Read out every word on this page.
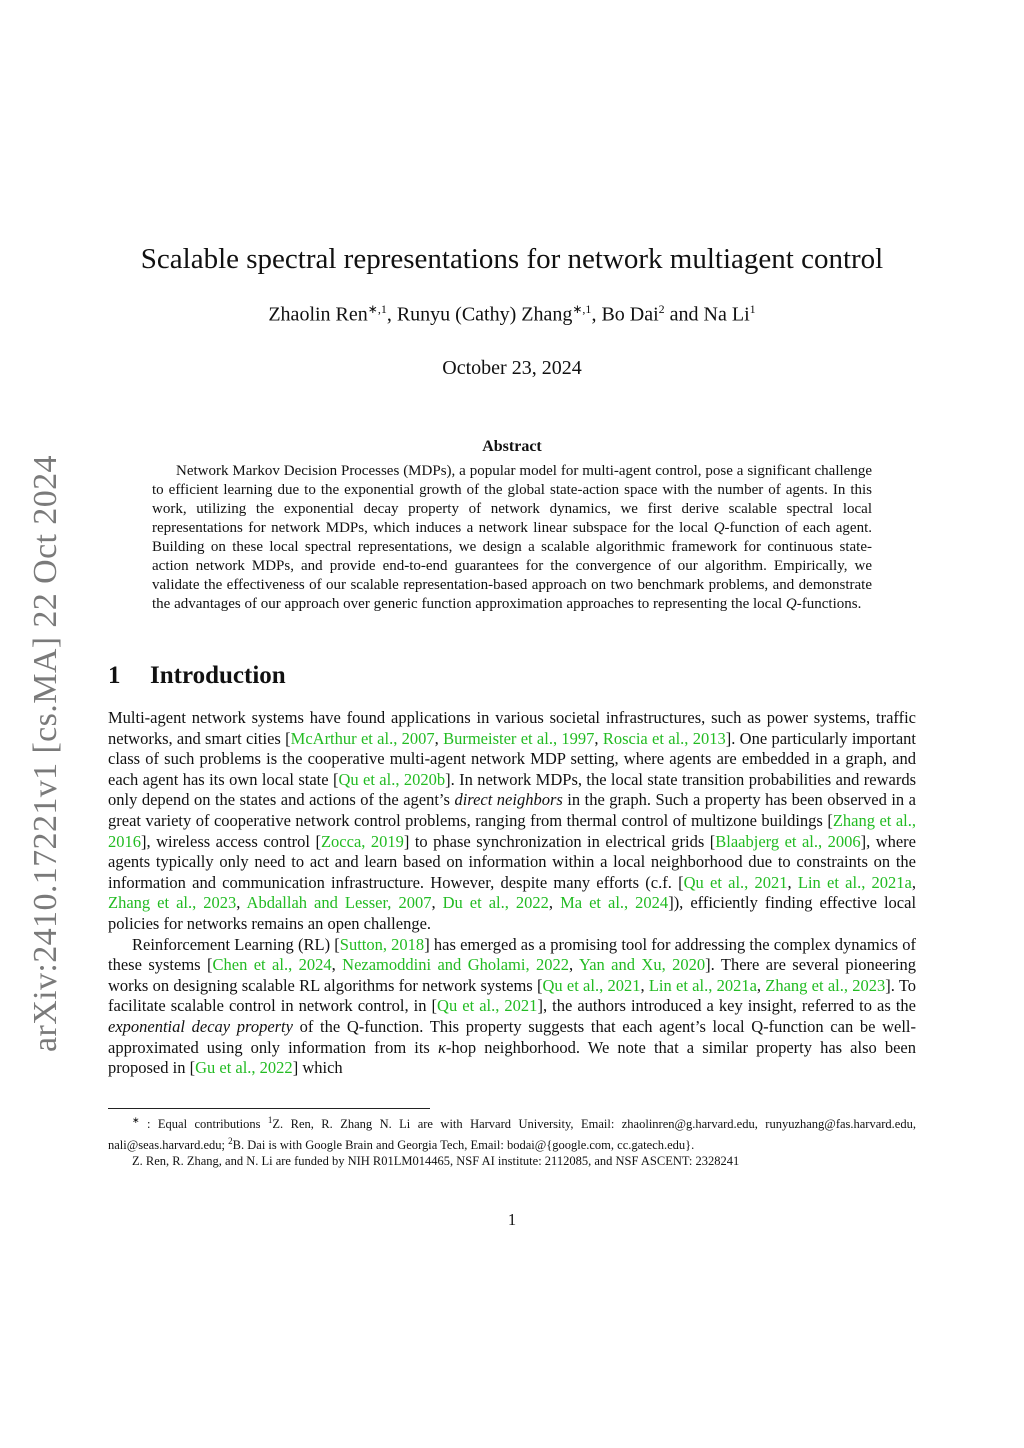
arXiv:2410.17221v1 [cs.MA] 22 Oct 2024
Scalable spectral representations for network multiagent control
Zhaolin Ren$^{∗,1}$, Runyu (Cathy) Zhang$^{∗,1}$, Bo Dai$^2$ and Na Li$^1$
October 23, 2024
Abstract

Network Markov Decision Processes (MDPs), a popular model for multi-agent control, pose a significant challenge to efficient learning due to the exponential growth of the global state-action space with the number of agents. In this work, utilizing the exponential decay property of network dynamics, we first derive scalable spectral local representations for network MDPs, which induces a network linear subspace for the local Q-function of each agent. Building on these local spectral representations, we design a scalable algorithmic framework for continuous state-action network MDPs, and provide end-to-end guarantees for the convergence of our algorithm. Empirically, we validate the effectiveness of our scalable representation-based approach on two benchmark problems, and demonstrate the advantages of our approach over generic function approximation approaches to representing the local Q-functions.

1 Introduction

Multi-agent network systems have found applications in various societal infrastructures, such as power systems, traffic networks, and smart cities [McArthur et al., 2007, Burmeister et al., 1997, Roscia et al., 2013]. One particularly important class of such problems is the cooperative multi-agent network MDP setting, where agents are embedded in a graph, and each agent has its own local state [Qu et al., 2020b]. In network MDPs, the local state transition probabilities and rewards only depend on the states and actions of the agent’s direct neighbors in the graph. Such a property has been observed in a great variety of cooperative network control problems, ranging from thermal control of multizone buildings [Zhang et al., 2016], wireless access control [Zocca, 2019] to phase synchronization in electrical grids [Blaabjerg et al., 2006], where agents typically only need to act and learn based on information within a local neighborhood due to constraints on the information and communication infrastructure. However, despite many efforts (c.f. [Qu et al., 2021, Lin et al., 2021a, Zhang et al., 2023, Abdallah and Lesser, 2007, Du et al., 2022, Ma et al., 2024]), efficiently finding effective local policies for networks remains an open challenge.

Reinforcement Learning (RL) [Sutton, 2018] has emerged as a promising tool for addressing the complex dynamics of these systems [Chen et al., 2024, Nezamoddini and Gholami, 2022, Yan and Xu, 2020]. There are several pioneering works on designing scalable RL algorithms for network systems [Qu et al., 2021, Lin et al., 2021a, Zhang et al., 2023]. To facilitate scalable control in network control, in [Qu et al., 2021], the authors introduced a key insight, referred to as the exponential decay property of the Q-function. This property suggests that each agent’s local Q-function can be well-approximated using only information from its κ-hop neighborhood. We note that a similar property has also been proposed in [Gu et al., 2022] which

∗ : Equal contributions $^1$Z. Ren, R. Zhang N. Li are with Harvard University, Email: zhaolinren@g.harvard.edu, runyuzhang@fas.harvard.edu, nali@seas.harvard.edu; $^2$B. Dai is with Google Brain and Georgia Tech, Email: bodai@{google.com, cc.gatech.edu}.

Z. Ren, R. Zhang, and N. Li are funded by NIH R01LM014465, NSF AI institute: 2112085, and NSF ASCENT: 2328241

1
